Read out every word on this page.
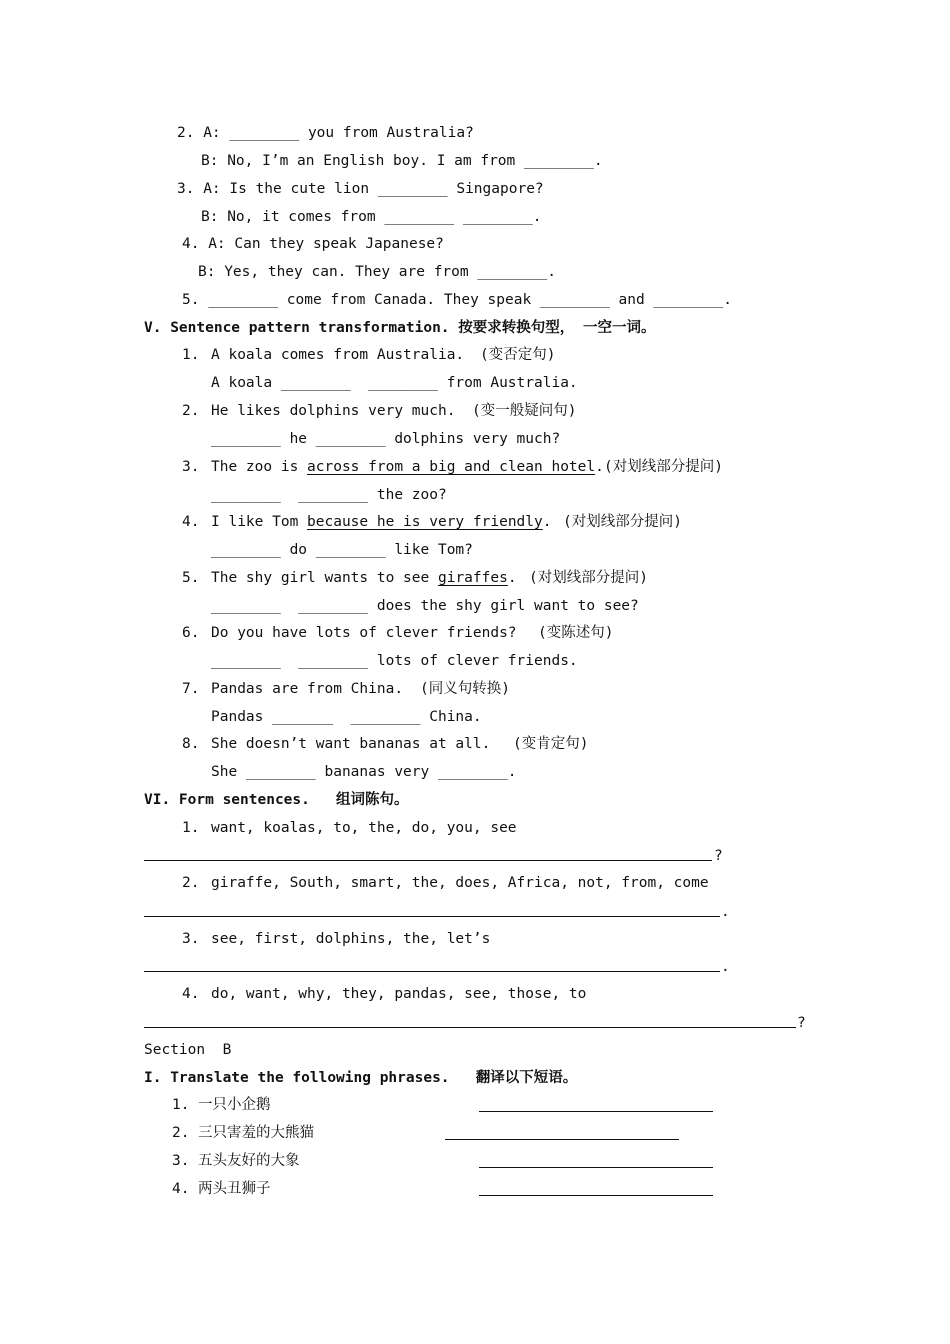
2. A: ________ you from Australia?
B: No, I’m an English boy. I am from ________.
3. A: Is the cute lion ________ Singapore?
B: No, it comes from ________ ________.
4. A: Can they speak Japanese?
B: Yes, they can. They are from ________.
5. ________ come from Canada. They speak ________ and ________.
V. Sentence pattern transformation. 按要求转换句型， 一空一词。
1. A koala comes from Australia. (变否定句)
A koala ________  ________ from Australia.
2. He likes dolphins very much. (变一般疑问句)
________ he ________ dolphins very much?
3. The zoo is across from a big and clean hotel. (对划线部分提问)
________  ________ the zoo?
4. I like Tom because he is very friendly. (对划线部分提问)
________ do ________ like Tom?
5. The shy girl wants to see giraffes. (对划线部分提问)
________  ________ does the shy girl want to see?
6. Do you have lots of clever friends? (变陈述句)
________  ________ lots of clever friends.
7. Pandas are from China. (同义句转换)
Pandas _______  ________ China.
8. She doesn’t want bananas at all. (变肯定句)
She ________ bananas very ________.
VI. Form sentences.   组词陈句。
1. want, koalas, to, the, do, you, see
?
2. giraffe, South, smart, the, does, Africa, not, from, come
.
3. see, first, dolphins, the, let’s
.
4. do, want, why, they, pandas, see, those, to
?
Section  B
I. Translate the following phrases.   翻译以下短语。
1. 一只小企鹅
2. 三只害羞的大熊猫
3. 五头友好的大象
4. 两头丑狮子
